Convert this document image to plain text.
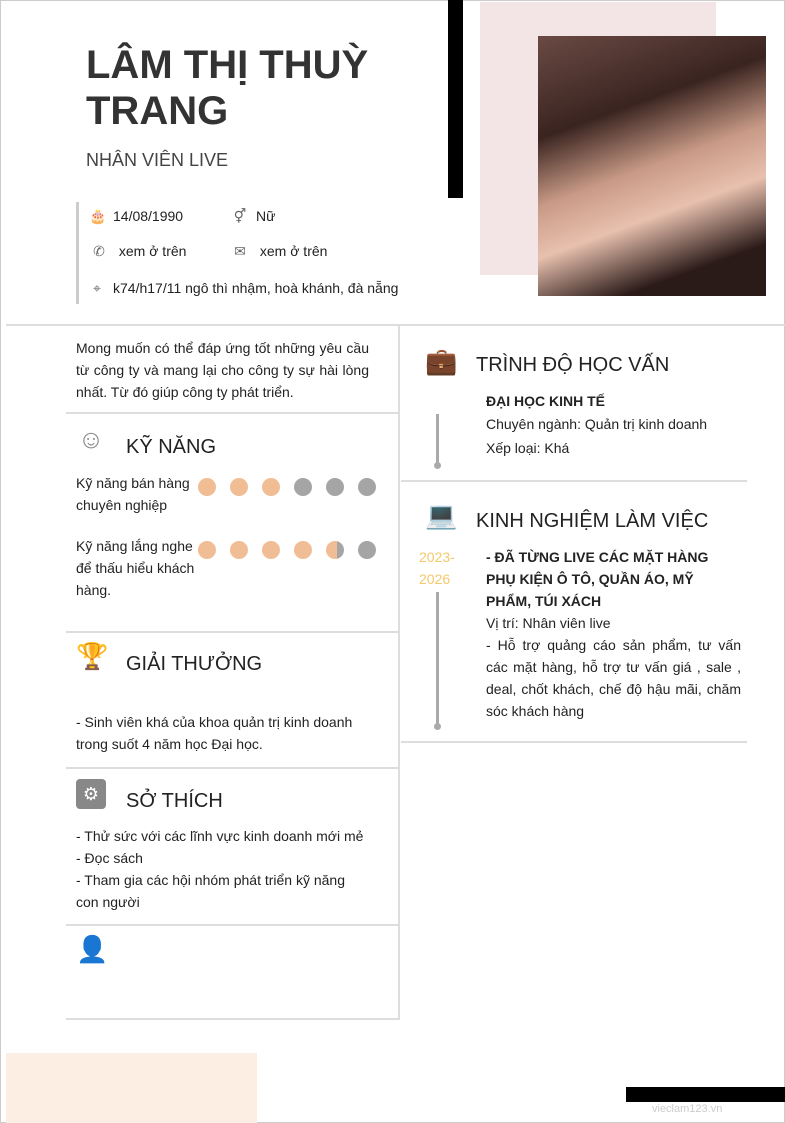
LÂM THỊ THUỲ TRANG
NHÂN VIÊN LIVE
🎂 14/08/1990	⚥ Nữ
✆ xem ở trên	✉ xem ở trên
⌖ k74/h17/11 ngô thì nhậm, hoà khánh, đà nẵng
Mong muốn có thể đáp ứng tốt những yêu cầu từ công ty và mang lại cho công ty sự hài lòng nhất. Từ đó giúp công ty phát triển.
☺ KỸ NĂNG
Kỹ năng bán hàng chuyên nghiệp
Kỹ năng lắng nghe để thấu hiểu khách hàng.
🏆 GIẢI THƯỞNG
- Sinh viên khá của khoa quản trị kinh doanh trong suốt 4 năm học Đại học.
⚙	SỞ THÍCH
- Thử sức với các lĩnh vực kinh doanh mới mẻ
- Đọc sách
- Tham gia các hội nhóm phát triển kỹ năng con người
👤
💼 TRÌNH ĐỘ HỌC VẤN
ĐẠI HỌC KINH TẾ
Chuyên ngành: Quản trị kinh doanh
Xếp loại: Khá
💻 KINH NGHIỆM LÀM VIỆC
2023-2026
- ĐÃ TỪNG LIVE CÁC MẶT HÀNG PHỤ KIỆN Ô TÔ, QUẦN ÁO, MỸ PHẨM, TÚI XÁCH
Vị trí: Nhân viên live
- Hỗ trợ quảng cáo sản phẩm, tư vấn các mặt hàng, hỗ trợ tư vấn giá , sale , deal, chốt khách, chế độ hậu mãi, chăm sóc khách hàng
vieclam123.vn
